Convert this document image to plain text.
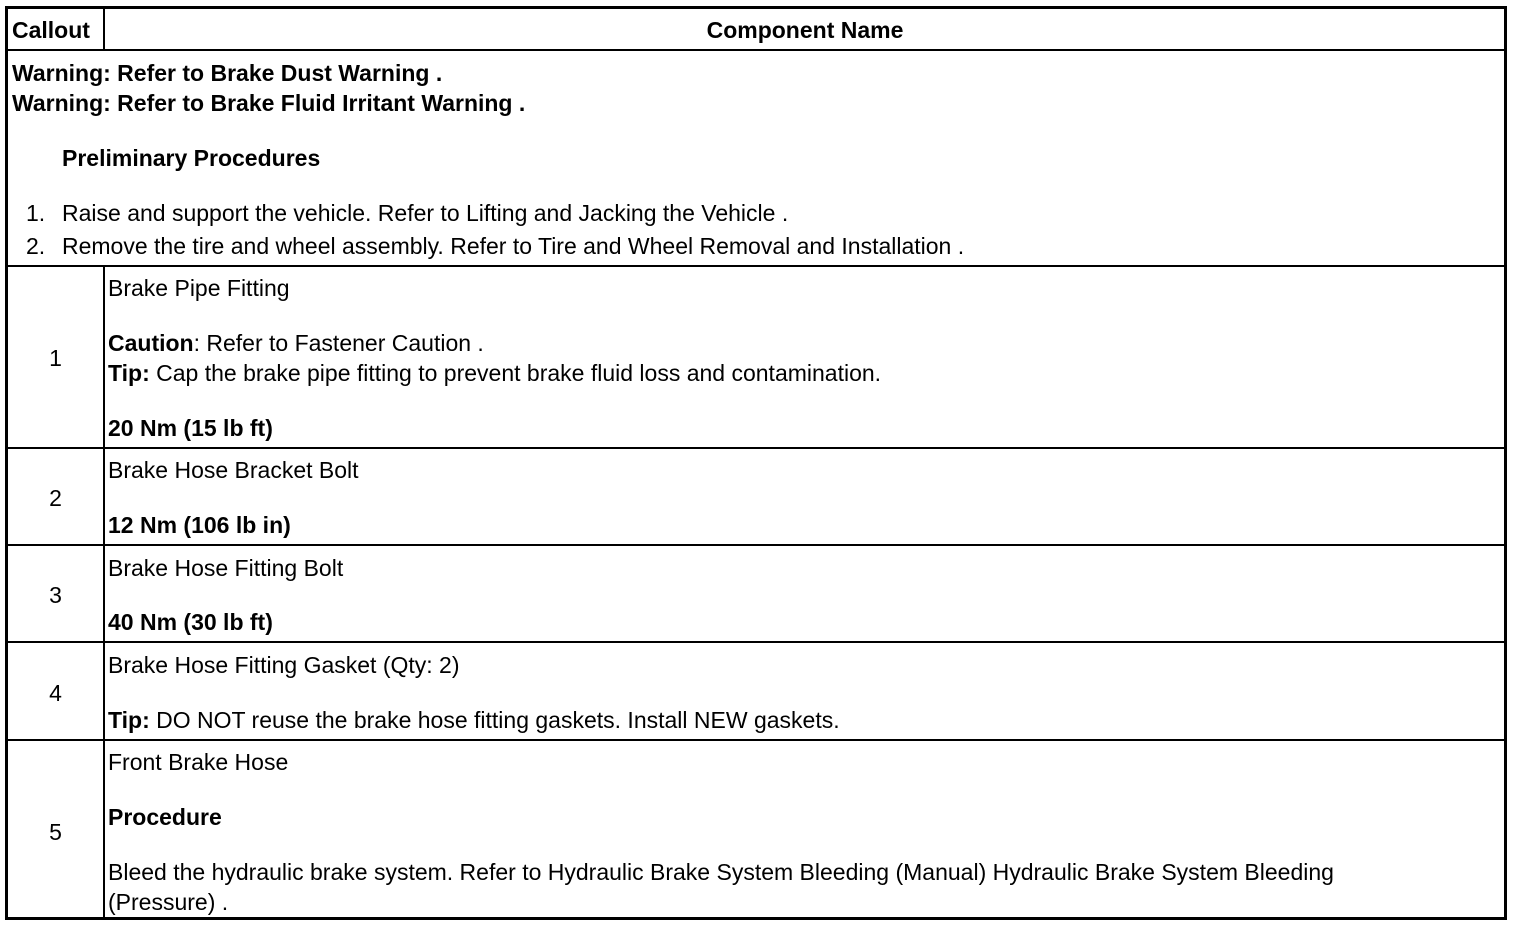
Callout	Component Name
Warning: Refer to Brake Dust Warning .
Warning: Refer to Brake Fluid Irritant Warning .
Preliminary Procedures
1. Raise and support the vehicle. Refer to Lifting and Jacking the Vehicle .
2. Remove the tire and wheel assembly. Refer to Tire and Wheel Removal and Installation .
1
Brake Pipe Fitting
Caution: Refer to Fastener Caution .
Tip: Cap the brake pipe fitting to prevent brake fluid loss and contamination.
20 Nm (15 lb ft)
2
Brake Hose Bracket Bolt
12 Nm (106 lb in)
3
Brake Hose Fitting Bolt
40 Nm (30 lb ft)
4
Brake Hose Fitting Gasket (Qty: 2)
Tip: DO NOT reuse the brake hose fitting gaskets. Install NEW gaskets.
5
Front Brake Hose
Procedure
Bleed the hydraulic brake system. Refer to Hydraulic Brake System Bleeding (Manual) Hydraulic Brake System Bleeding
(Pressure) .
